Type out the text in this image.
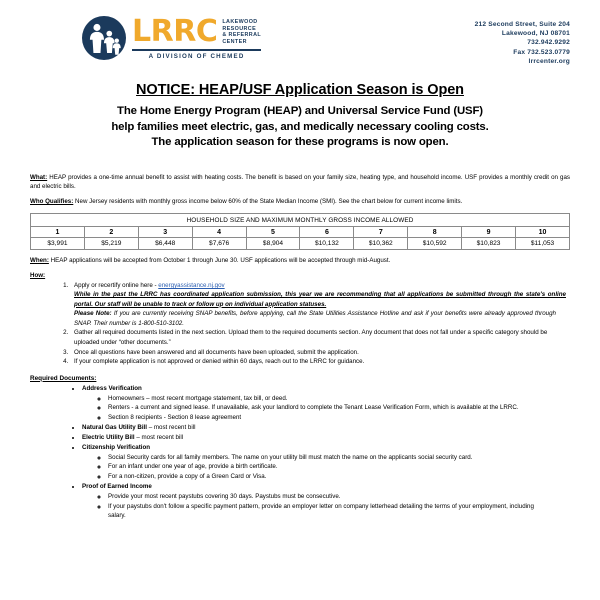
LRRC LAKEWOOD
RESOURCE
& REFERRAL
CENTER
A DIVISION OF CHEMED
212 Second Street, Suite 204
Lakewood, NJ 08701
732.942.9292
Fax 732.523.0779
lrrcenter.org
NOTICE: HEAP/USF Application Season is Open
The Home Energy Program (HEAP) and Universal Service Fund (USF)
help families meet electric, gas, and medically necessary cooling costs.
The application season for these programs is now open.
What: HEAP provides a one-time annual benefit to assist with heating costs. The benefit is based on your family size, heating type, and household income. USF provides a monthly credit on gas and electric bills.
Who Qualifies: New Jersey residents with monthly gross income below 60% of the State Median Income (SMI). See the chart below for current income limits.
HOUSEHOLD SIZE AND MAXIMUM MONTHLY GROSS INCOME ALLOWED									
1	2	3	4	5	6	7	8	9	10
$3,991	$5,219	$6,448	$7,676	$8,904	$10,132	$10,362	$10,592	$10,823	$11,053
When: HEAP applications will be accepted from October 1 through June 30. USF applications will be accepted through mid-August.
How:
1. Apply or recertify online here - energyassistance.nj.gov
While in the past the LRRC has coordinated application submission, this year we are recommending that all applications be submitted through the state's online portal. Our staff will be unable to track or follow up on individual application statuses.
Please Note: If you are currently receiving SNAP benefits, before applying, call the State Utilities Assistance Hotline and ask if your benefits were already approved through SNAP. Their number is 1-800-510-3102.
2. Gather all required documents listed in the next section. Upload them to the required documents section. Any document that does not fall under a specific category should be uploaded under “other documents.”
3. Once all questions have been answered and all documents have been uploaded, submit the application.
4. If your complete application is not approved or denied within 60 days, reach out to the LRRC for guidance.
Required Documents:
• Address Verification
◦ Homeowners – most recent mortgage statement, tax bill, or deed.
◦ Renters - a current and signed lease. If unavailable, ask your landlord to complete the Tenant Lease Verification Form, which is available at the LRRC.
◦ Section 8 recipients - Section 8 lease agreement
• Natural Gas Utility Bill – most recent bill
• Electric Utility Bill – most recent bill
• Citizenship Verification
◦ Social Security cards for all family members. The name on your utility bill must match the name on the applicants social security card.
◦ For an infant under one year of age, provide a birth certificate.
◦ For a non-citizen, provide a copy of a Green Card or Visa.
• Proof of Earned Income
◦ Provide your most recent paystubs covering 30 days. Paystubs must be consecutive.
◦ If your paystubs don't follow a specific payment pattern, provide an employer letter on company letterhead detailing the terms of your employment, including salary.
